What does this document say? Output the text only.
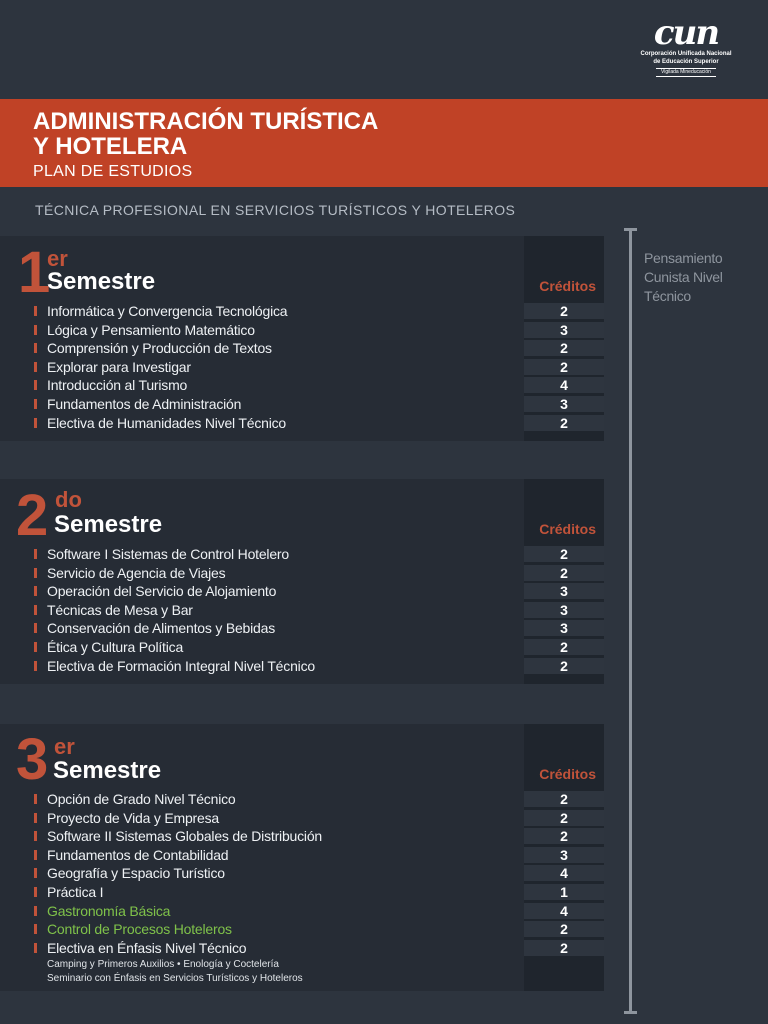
cun
Corporación Unificada Nacional
de Educación Superior
Vigilada Mineducación
ADMINISTRACIÓN TURÍSTICA
Y HOTELERA
PLAN DE ESTUDIOS
TÉCNICA PROFESIONAL EN SERVICIOS TURÍSTICOS Y HOTELEROS
1
er
Semestre	Créditos
2 do
Semestre	Créditos
3 er
Semestre	Créditos
Pensamiento Cunista Nivel Técnico
Informática y Convergencia Tecnológica	2
Lógica y Pensamiento Matemático	3
Comprensión y Producción de Textos	2
Explorar para Investigar	2
Introducción al Turismo	4
Fundamentos de Administración	3
Electiva de Humanidades Nivel Técnico	2
Software I Sistemas de Control Hotelero	2
Servicio de Agencia de Viajes	2
Operación del Servicio de Alojamiento	3
Técnicas de Mesa y Bar	3
Conservación de Alimentos y Bebidas	3
Ética y Cultura Política	2
Electiva de Formación Integral Nivel Técnico	2
Opción de Grado Nivel Técnico	2
Proyecto de Vida y Empresa	2
Software II Sistemas Globales de Distribución	2
Fundamentos de Contabilidad	3
Geografía y Espacio Turístico	4
Práctica I	1
Gastronomía Básica	4
Control de Procesos Hoteleros	2
Electiva en Énfasis Nivel Técnico	2
Camping y Primeros Auxilios • Enología y Coctelería
Seminario con Énfasis en Servicios Turísticos y Hoteleros
